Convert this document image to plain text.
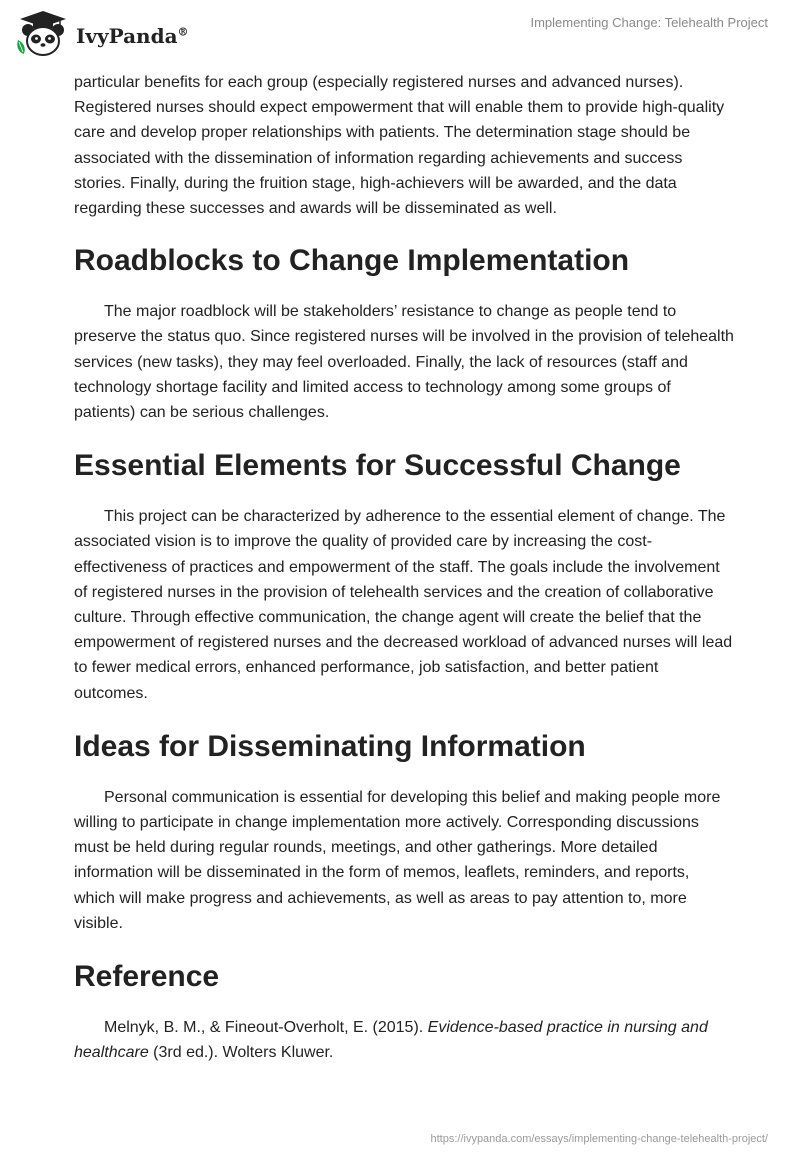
IvyPanda®
Implementing Change: Telehealth Project

particular benefits for each group (especially registered nurses and advanced nurses). Registered nurses should expect empowerment that will enable them to provide high-quality care and develop proper relationships with patients. The determination stage should be associated with the dissemination of information regarding achievements and success stories. Finally, during the fruition stage, high-achievers will be awarded, and the data regarding these successes and awards will be disseminated as well.

Roadblocks to Change Implementation

The major roadblock will be stakeholders’ resistance to change as people tend to preserve the status quo. Since registered nurses will be involved in the provision of telehealth services (new tasks), they may feel overloaded. Finally, the lack of resources (staff and technology shortage facility and limited access to technology among some groups of patients) can be serious challenges.

Essential Elements for Successful Change

This project can be characterized by adherence to the essential element of change. The associated vision is to improve the quality of provided care by increasing the cost-effectiveness of practices and empowerment of the staff. The goals include the involvement of registered nurses in the provision of telehealth services and the creation of collaborative culture. Through effective communication, the change agent will create the belief that the empowerment of registered nurses and the decreased workload of advanced nurses will lead to fewer medical errors, enhanced performance, job satisfaction, and better patient outcomes.

Ideas for Disseminating Information

Personal communication is essential for developing this belief and making people more willing to participate in change implementation more actively. Corresponding discussions must be held during regular rounds, meetings, and other gatherings. More detailed information will be disseminated in the form of memos, leaflets, reminders, and reports, which will make progress and achievements, as well as areas to pay attention to, more visible.

Reference

Melnyk, B. M., & Fineout-Overholt, E. (2015). Evidence-based practice in nursing and healthcare (3rd ed.). Wolters Kluwer.

https://ivypanda.com/essays/implementing-change-telehealth-project/
